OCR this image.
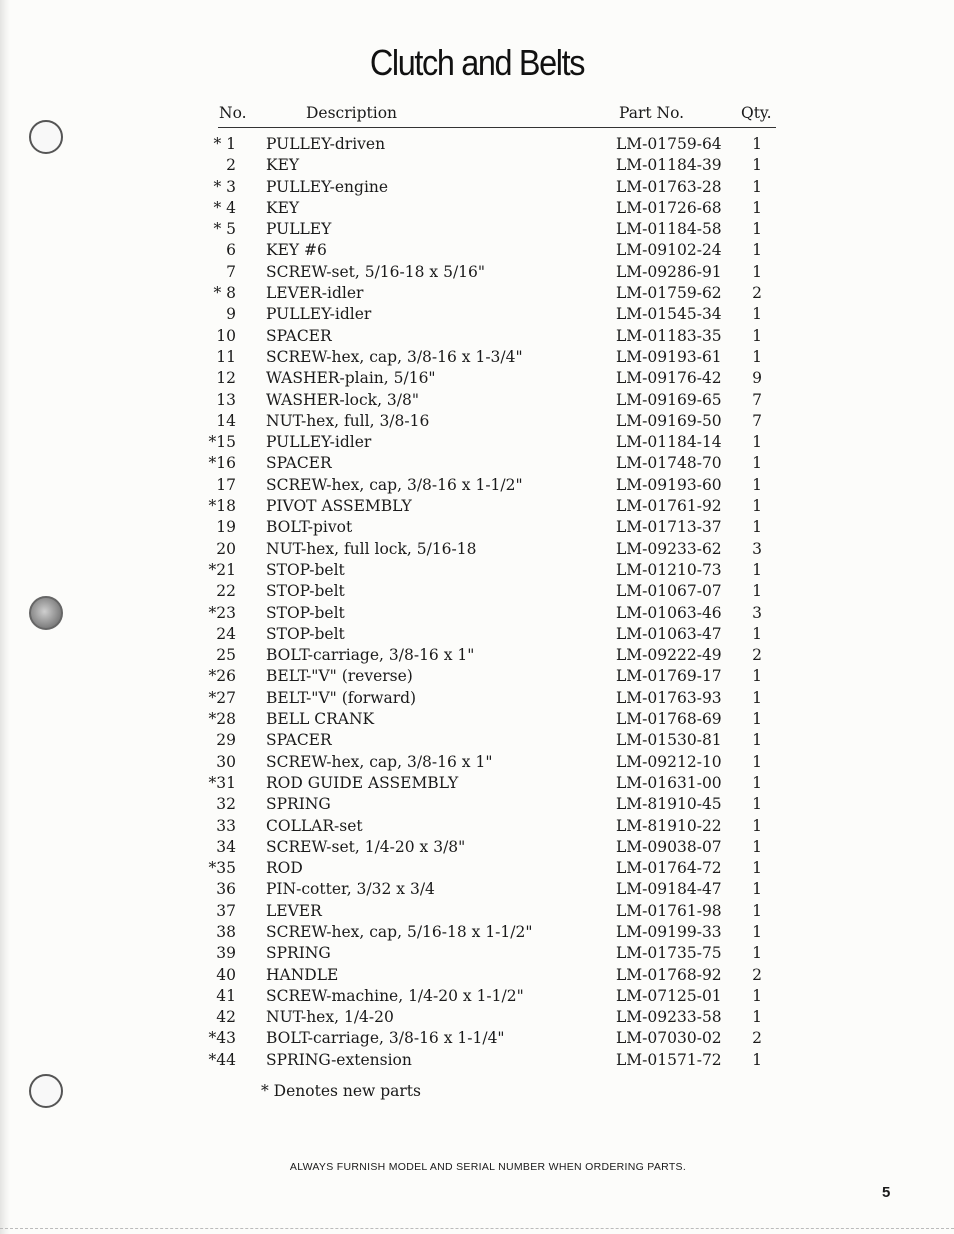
Clutch and Belts
No.	Description	Part No.	Qty.
* 1 PULLEY-driven	LM-01759-64 1
2 KEY	LM-01184-39 1
* 3 PULLEY-engine	LM-01763-28 1
* 4 KEY	LM-01726-68 1
* 5 PULLEY	LM-01184-58 1
6 KEY #6	LM-09102-24 1
7 SCREW-set, 5/16-18 x 5/16"	LM-09286-91 1
* 8 LEVER-idler	LM-01759-62 2
9 PULLEY-idler	LM-01545-34 1
10 SPACER	LM-01183-35 1
11 SCREW-hex, cap, 3/8-16 x 1-3/4"	LM-09193-61 1
12 WASHER-plain, 5/16"	LM-09176-42 9
13 WASHER-lock, 3/8"	LM-09169-65 7
14 NUT-hex, full, 3/8-16	LM-09169-50 7
*15 PULLEY-idler	LM-01184-14 1
*16 SPACER	LM-01748-70 1
17 SCREW-hex, cap, 3/8-16 x 1-1/2"	LM-09193-60 1
*18 PIVOT ASSEMBLY	LM-01761-92 1
19 BOLT-pivot	LM-01713-37 1
20 NUT-hex, full lock, 5/16-18	LM-09233-62 3
*21 STOP-belt	LM-01210-73 1
22 STOP-belt	LM-01067-07 1
*23 STOP-belt	LM-01063-46 3
24 STOP-belt	LM-01063-47 1
25 BOLT-carriage, 3/8-16 x 1"	LM-09222-49 2
*26 BELT-"V" (reverse)	LM-01769-17 1
*27 BELT-"V" (forward)	LM-01763-93 1
*28 BELL CRANK	LM-01768-69 1
29 SPACER	LM-01530-81 1
30 SCREW-hex, cap, 3/8-16 x 1"	LM-09212-10 1
*31 ROD GUIDE ASSEMBLY	LM-01631-00 1
32 SPRING	LM-81910-45 1
33 COLLAR-set	LM-81910-22 1
34 SCREW-set, 1/4-20 x 3/8"	LM-09038-07 1
*35 ROD	LM-01764-72 1
36 PIN-cotter, 3/32 x 3/4	LM-09184-47 1
37 LEVER	LM-01761-98 1
38 SCREW-hex, cap, 5/16-18 x 1-1/2"	LM-09199-33 1
39 SPRING	LM-01735-75 1
40 HANDLE	LM-01768-92 2
41 SCREW-machine, 1/4-20 x 1-1/2"	LM-07125-01 1
42 NUT-hex, 1/4-20	LM-09233-58 1
*43 BOLT-carriage, 3/8-16 x 1-1/4"	LM-07030-02 2
*44 SPRING-extension	LM-01571-72 1
* Denotes new parts
ALWAYS FURNISH MODEL AND SERIAL NUMBER WHEN ORDERING PARTS.
5
